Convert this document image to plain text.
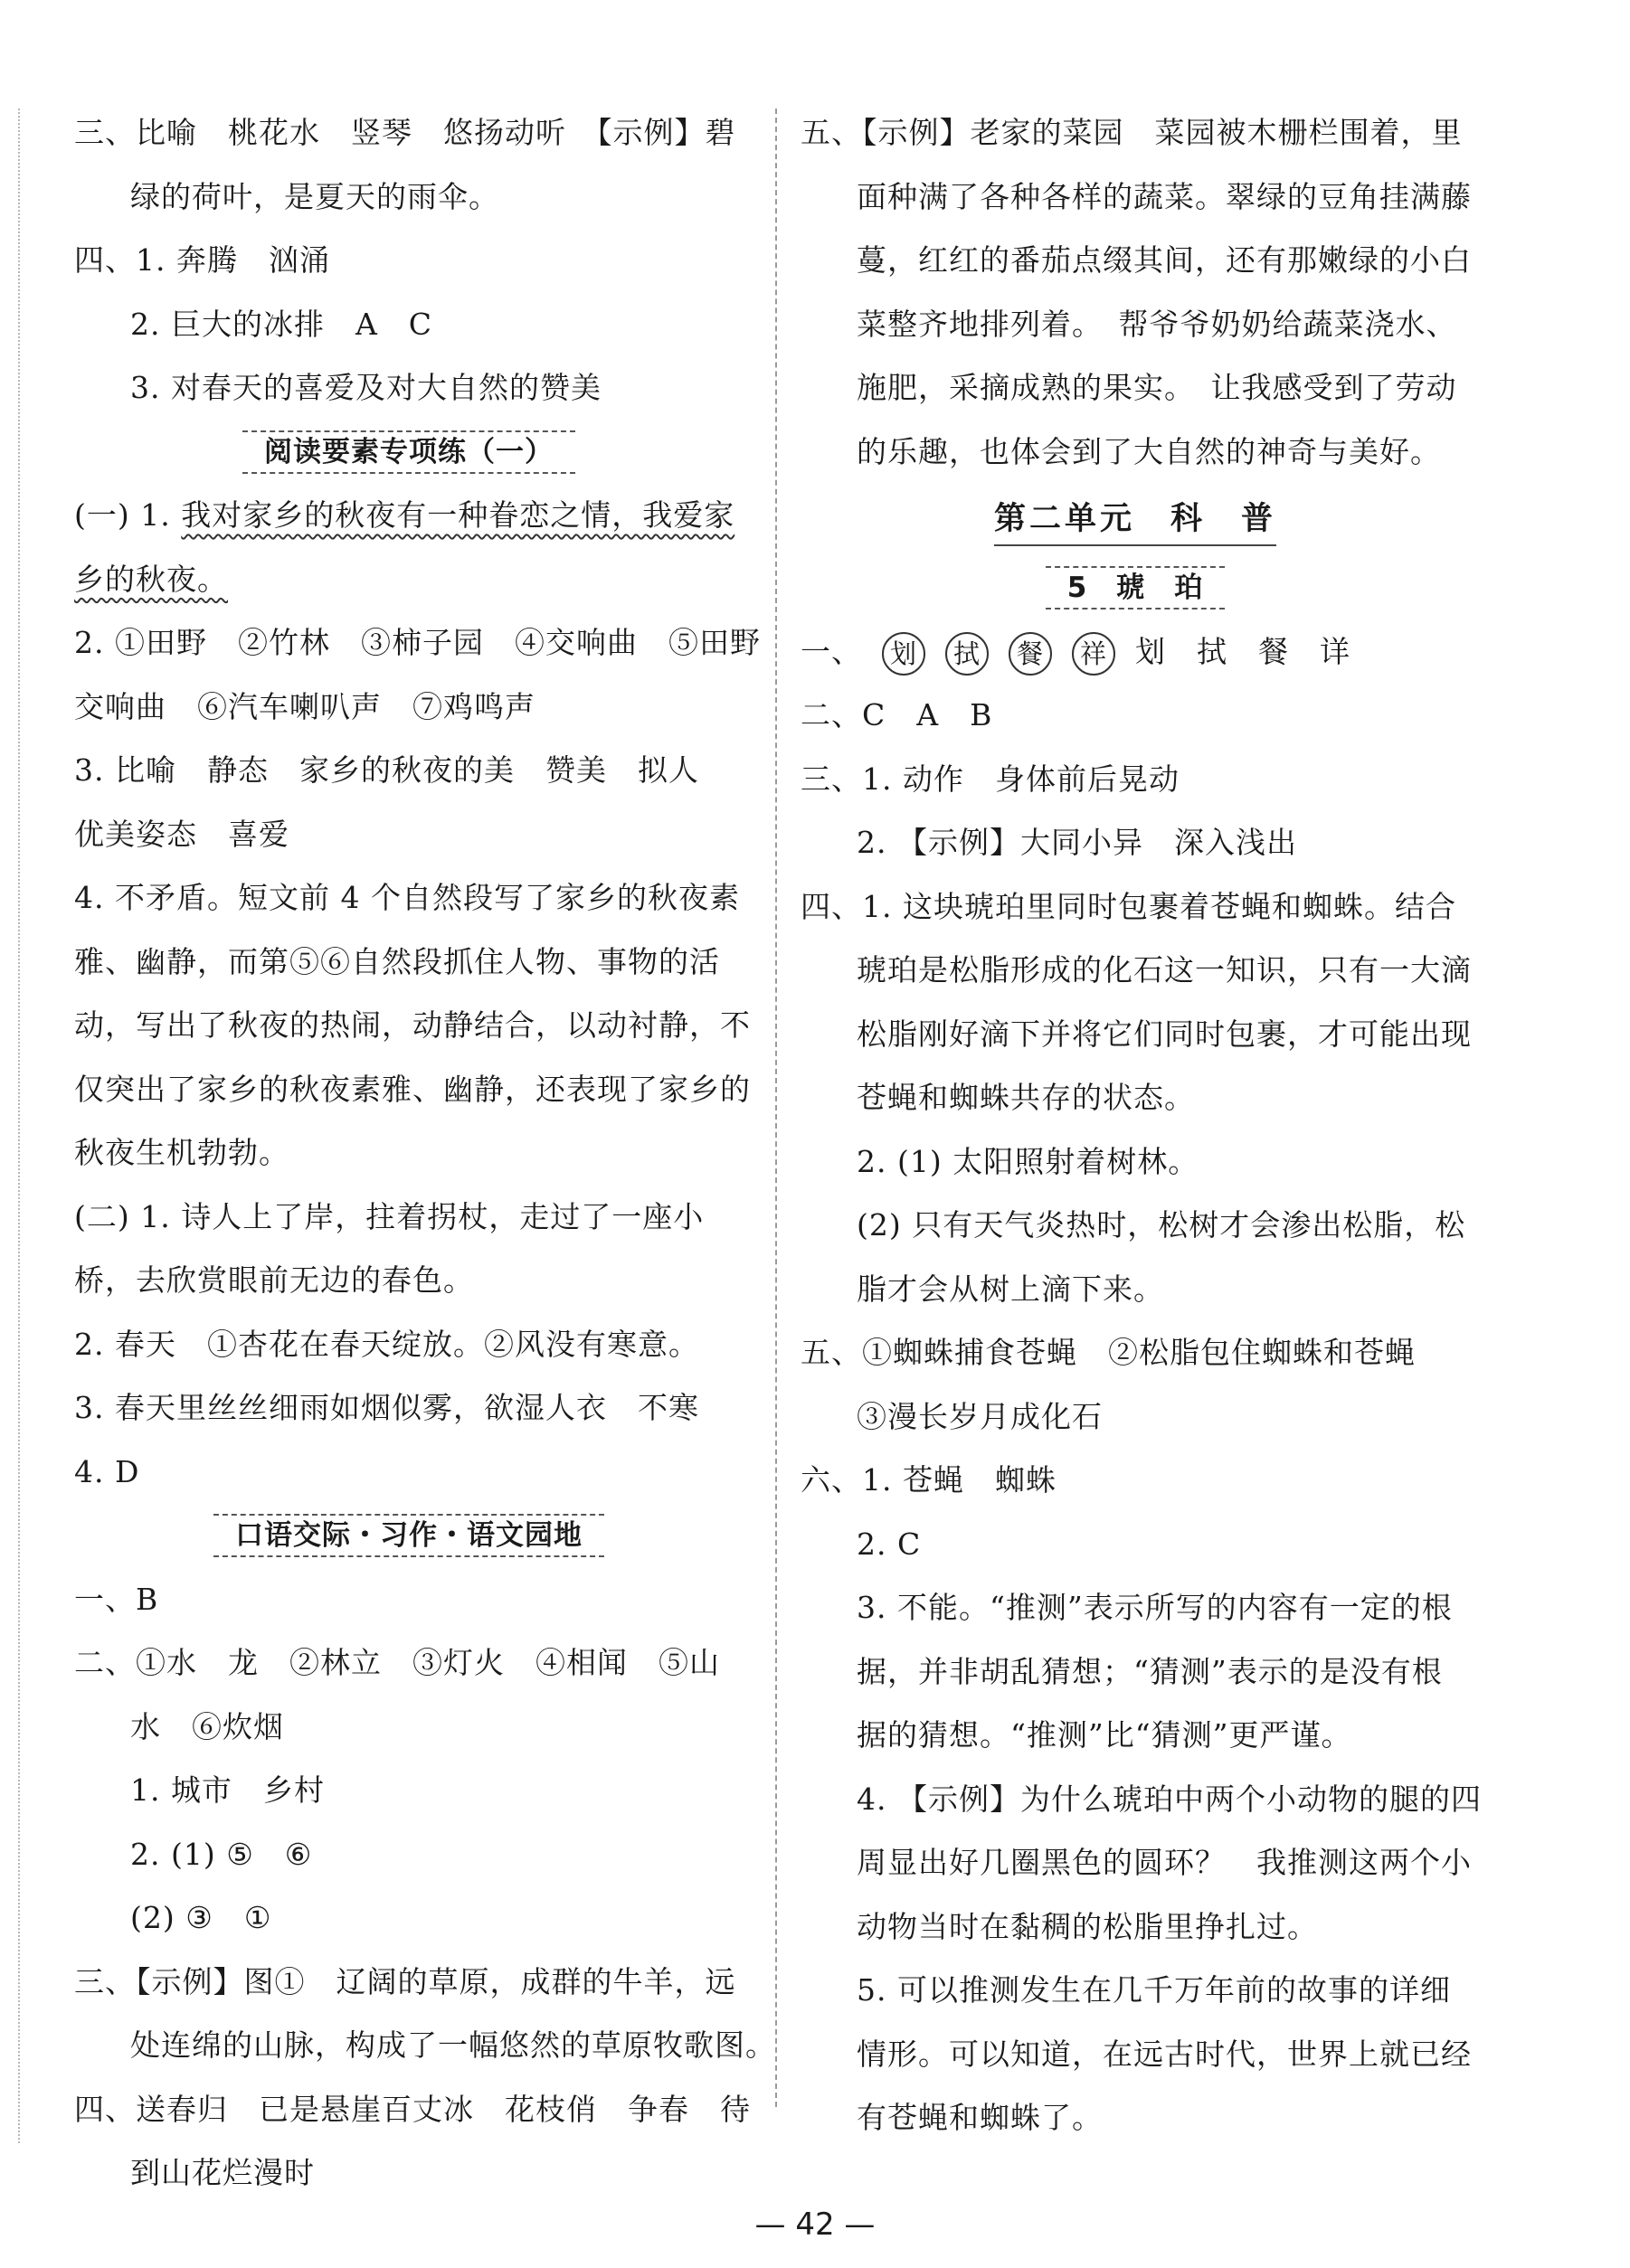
三、比喻　桃花水　竖琴　悠扬动听　【示例】碧
绿的荷叶，是夏天的雨伞。
四、1. 奔腾　汹涌
2. 巨大的冰排　A　C
3. 对春天的喜爱及对大自然的赞美
阅读要素专项练（一）
(一) 1. 我对家乡的秋夜有一种眷恋之情，我爱家
乡的秋夜。
2. ①田野　②竹林　③柿子园　④交响曲　⑤田野
交响曲　⑥汽车喇叭声　⑦鸡鸣声
3. 比喻　静态　家乡的秋夜的美　赞美　拟人
优美姿态　喜爱
4. 不矛盾。短文前 4 个自然段写了家乡的秋夜素
雅、幽静，而第⑤⑥自然段抓住人物、事物的活
动，写出了秋夜的热闹，动静结合，以动衬静，不
仅突出了家乡的秋夜素雅、幽静，还表现了家乡的
秋夜生机勃勃。
(二) 1. 诗人上了岸，拄着拐杖，走过了一座小
桥，去欣赏眼前无边的春色。
2. 春天　①杏花在春天绽放。②风没有寒意。
3. 春天里丝丝细雨如烟似雾，欲湿人衣　不寒
4. D
口语交际・习作・语文园地
一、B
二、①水　龙　②林立　③灯火　④相闻　⑤山
水　⑥炊烟
1. 城市　乡村
2. (1) ⑤　⑥
(2) ③　①
三、【示例】图①　辽阔的草原，成群的牛羊，远
处连绵的山脉，构成了一幅悠然的草原牧歌图。
四、送春归　已是悬崖百丈冰　花枝俏　争春　待
到山花烂漫时
五、【示例】老家的菜园　菜园被木栅栏围着，里
面种满了各种各样的蔬菜。翠绿的豆角挂满藤
蔓，红红的番茄点缀其间，还有那嫩绿的小白
菜整齐地排列着。　帮爷爷奶奶给蔬菜浇水、
施肥，采摘成熟的果实。　让我感受到了劳动
的乐趣，也体会到了大自然的神奇与美好。
第二单元　科　普
5　琥　珀
一、 划 拭 餐 祥 划　拭　餐　详
二、C　A　B
三、1. 动作　身体前后晃动
2. 【示例】大同小异　深入浅出
四、1. 这块琥珀里同时包裹着苍蝇和蜘蛛。结合
琥珀是松脂形成的化石这一知识，只有一大滴
松脂刚好滴下并将它们同时包裹，才可能出现
苍蝇和蜘蛛共存的状态。
2. (1) 太阳照射着树林。
(2) 只有天气炎热时，松树才会渗出松脂，松
脂才会从树上滴下来。
五、①蜘蛛捕食苍蝇　②松脂包住蜘蛛和苍蝇
③漫长岁月成化石
六、1. 苍蝇　蜘蛛
2. C
3. 不能。“推测”表示所写的内容有一定的根
据，并非胡乱猜想；“猜测”表示的是没有根
据的猜想。“推测”比“猜测”更严谨。
4. 【示例】为什么琥珀中两个小动物的腿的四
周显出好几圈黑色的圆环？　我推测这两个小
动物当时在黏稠的松脂里挣扎过。
5. 可以推测发生在几千万年前的故事的详细
情形。可以知道，在远古时代，世界上就已经
有苍蝇和蜘蛛了。
— 42 —
